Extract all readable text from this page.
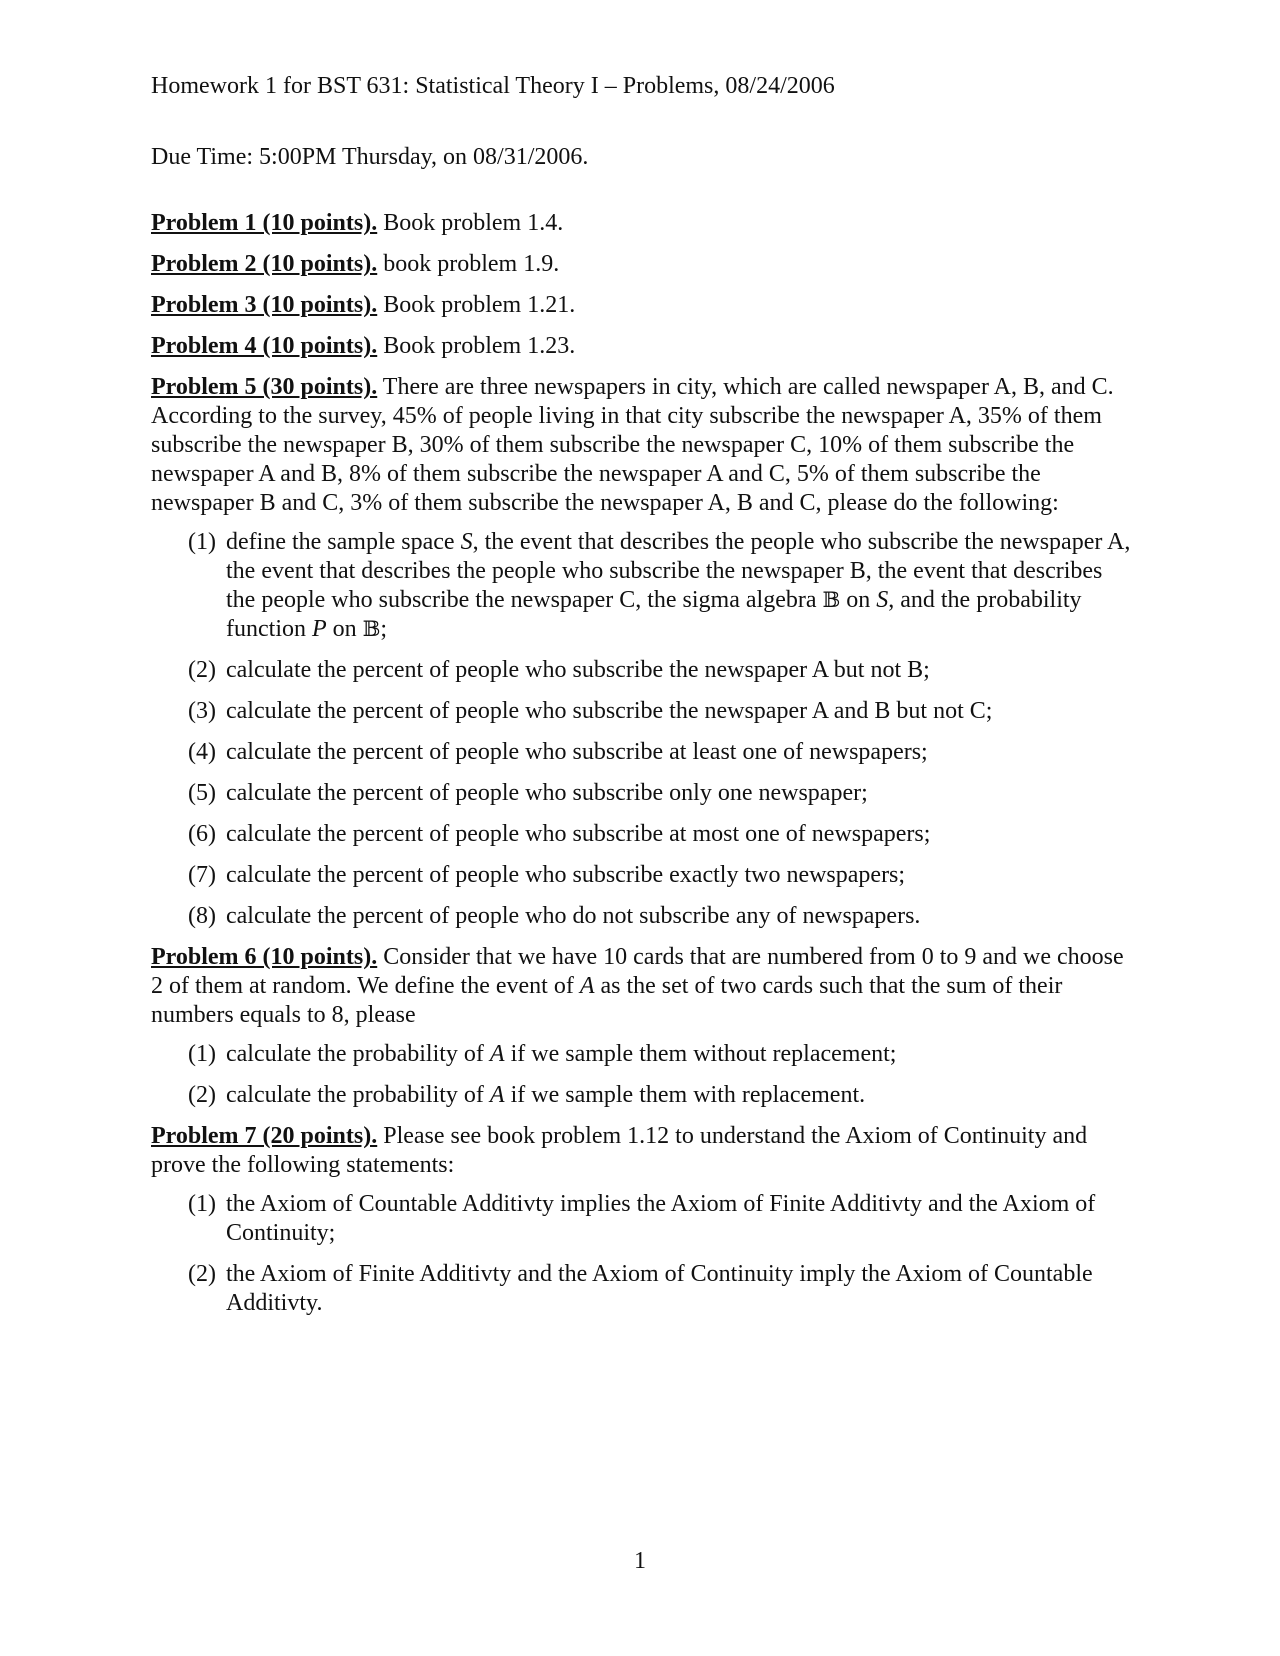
Homework 1 for BST 631: Statistical Theory I – Problems, 08/24/2006

Due Time: 5:00PM Thursday, on 08/31/2006.

Problem 1 (10 points). Book problem 1.4.

Problem 2 (10 points). book problem 1.9.

Problem 3 (10 points). Book problem 1.21.

Problem 4 (10 points). Book problem 1.23.

Problem 5 (30 points). There are three newspapers in city, which are called newspaper A, B, and C. According to the survey, 45% of people living in that city subscribe the newspaper A, 35% of them subscribe the newspaper B, 30% of them subscribe the newspaper C, 10% of them subscribe the newspaper A and B, 8% of them subscribe the newspaper A and C, 5% of them subscribe the newspaper B and C, 3% of them subscribe the newspaper A, B and C, please do the following:

(1) define the sample space S, the event that describes the people who subscribe the newspaper A, the event that describes the people who subscribe the newspaper B, the event that describes the people who subscribe the newspaper C, the sigma algebra 𝔹 on S, and the probability function P on 𝔹;
(2) calculate the percent of people who subscribe the newspaper A but not B;
(3) calculate the percent of people who subscribe the newspaper A and B but not C;
(4) calculate the percent of people who subscribe at least one of newspapers;
(5) calculate the percent of people who subscribe only one newspaper;
(6) calculate the percent of people who subscribe at most one of newspapers;
(7) calculate the percent of people who subscribe exactly two newspapers;
(8) calculate the percent of people who do not subscribe any of newspapers.

Problem 6 (10 points). Consider that we have 10 cards that are numbered from 0 to 9 and we choose 2 of them at random. We define the event of A as the set of two cards such that the sum of their numbers equals to 8, please

(1) calculate the probability of A if we sample them without replacement;
(2) calculate the probability of A if we sample them with replacement.

Problem 7 (20 points). Please see book problem 1.12 to understand the Axiom of Continuity and prove the following statements:

(1) the Axiom of Countable Additivty implies the Axiom of Finite Additivty and the Axiom of Continuity;
(2) the Axiom of Finite Additivty and the Axiom of Continuity imply the Axiom of Countable Additivty.
1
